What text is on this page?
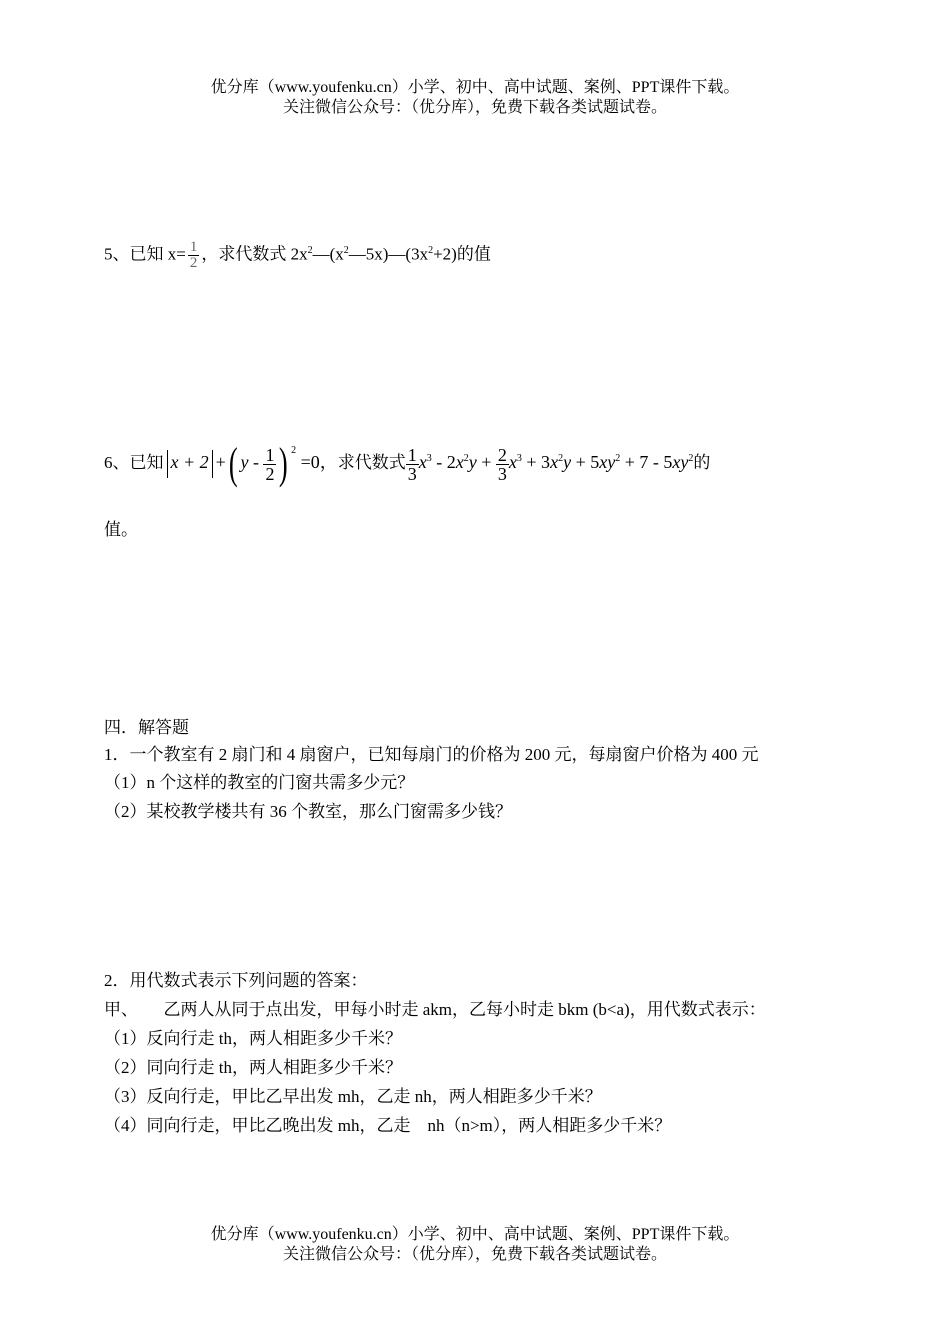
优分库（www.youfenku.cn）小学、初中、高中试题、案例、PPT课件下载。
关注微信公众号：（优分库），免费下载各类试题试卷。
5、已知 $x= \frac{1}{2}$ ，求代数式 $2x^2—(x^2—5x)—(3x^2+2)$的值
6、已知 x + 2 +( y - $\frac{1}{2}$ ) $^2$ =0，求代数式 $\frac{1}{3} x^3 - 2x^2y + \frac{2}{3} x^3 + 3x^2y + 5xy^2 + 7 - 5xy^2$的
值。
四．解答题
1．一个教室有 2 扇门和 4 扇窗户，已知每扇门的价格为 200 元，每扇窗户价格为 400 元
（1）n 个这样的教室的门窗共需多少元？
（2）某校教学楼共有 36 个教室，那么门窗需多少钱？
2．用代数式表示下列问题的答案：
甲、　　乙两人从同于点出发，甲每小时走 akm，乙每小时走 bkm (b<a)，用代数式表示：
（1）反向行走 th，两人相距多少千米？
（2）同向行走 th，两人相距多少千米？
（3）反向行走，甲比乙早出发 mh，乙走 nh，两人相距多少千米？
（4）同向行走，甲比乙晚出发 mh，乙走　nh（n>m），两人相距多少千米？
优分库（www.youfenku.cn）小学、初中、高中试题、案例、PPT课件下载。
关注微信公众号：（优分库），免费下载各类试题试卷。
